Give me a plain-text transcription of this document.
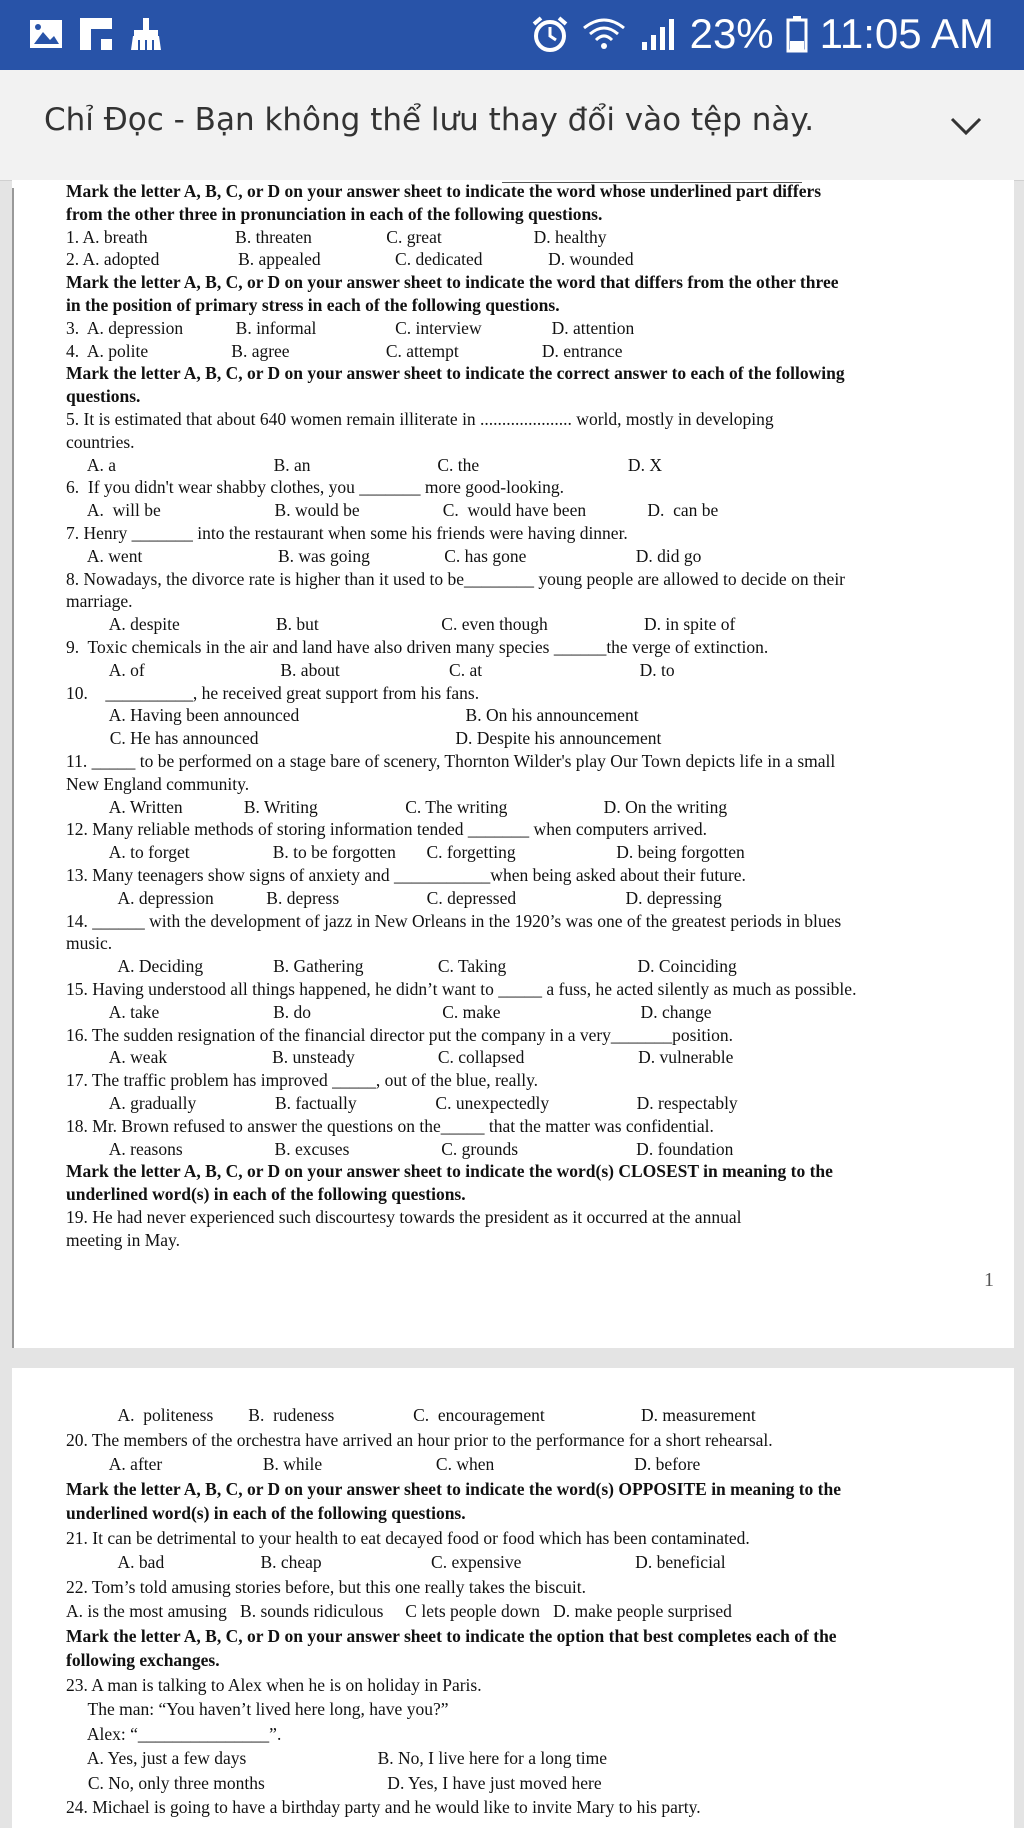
23% 11:05 AM
Chỉ Đọc - Bạn không thể lưu thay đổi vào tệp này.
Mark the letter A, B, C, or D on your answer sheet to indicate the word whose underlined part differs
from the other three in pronunciation in each of the following questions.
1. A. breath                    B. threaten                 C. great                     D. healthy
2. A. adopted                  B. appealed                 C. dedicated               D. wounded
Mark the letter A, B, C, or D on your answer sheet to indicate the word that differs from the other three
in the position of primary stress in each of the following questions.
3.  A. depression            B. informal                  C. interview                D. attention
4.  A. polite                   B. agree                      C. attempt                   D. entrance
Mark the letter A, B, C, or D on your answer sheet to indicate the correct answer to each of the following
questions.
5. It is estimated that about 640 women remain illiterate in ..................... world, mostly in developing
countries.
A. a                                    B. an                             C. the                                  D. X
6.  If you didn't wear shabby clothes, you _______ more good-looking.
A.  will be                          B. would be                   C.  would have been              D.  can be
7. Henry _______ into the restaurant when some his friends were having dinner.
A. went                               B. was going                 C. has gone                         D. did go
8. Nowadays, the divorce rate is higher than it used to be________ young people are allowed to decide on their
marriage.
A. despite                      B. but                            C. even though                      D. in spite of
9.  Toxic chemicals in the air and land have also driven many species ______the verge of extinction.
A. of                               B. about                         C. at                                    D. to
10.    __________, he received great support from his fans.
A. Having been announced                                      B. On his announcement
C. He has announced                                             D. Despite his announcement
11. _____ to be performed on a stage bare of scenery, Thornton Wilder's play Our Town depicts life in a small
New England community.
A. Written              B. Writing                    C. The writing                      D. On the writing
12. Many reliable methods of storing information tended _______ when computers arrived.
A. to forget                   B. to be forgotten       C. forgetting                       D. being forgotten
13. Many teenagers show signs of anxiety and ___________when being asked about their future.
A. depression            B. depress                    C. depressed                         D. depressing
14. ______ with the development of jazz in New Orleans in the 1920’s was one of the greatest periods in blues
music.
A. Deciding                B. Gathering                 C. Taking                              D. Coinciding
15. Having understood all things happened, he didn’t want to _____ a fuss, he acted silently as much as possible.
A. take                          B. do                              C. make                                D. change
16. The sudden resignation of the financial director put the company in a very_______position.
A. weak                        B. unsteady                   C. collapsed                          D. vulnerable
17. The traffic problem has improved _____, out of the blue, really.
A. gradually                  B. factually                  C. unexpectedly                    D. respectably
18. Mr. Brown refused to answer the questions on the_____ that the matter was confidential.
A. reasons                     B. excuses                     C. grounds                           D. foundation
Mark the letter A, B, C, or D on your answer sheet to indicate the word(s) CLOSEST in meaning to the
underlined word(s) in each of the following questions.
19. He had never experienced such discourtesy towards the president as it occurred at the annual
meeting in May.
1
A.  politeness        B.  rudeness                  C.  encouragement                      D. measurement
20. The members of the orchestra have arrived an hour prior to the performance for a short rehearsal.
A. after                       B. while                          C. when                                D. before
Mark the letter A, B, C, or D on your answer sheet to indicate the word(s) OPPOSITE in meaning to the
underlined word(s) in each of the following questions.
21. It can be detrimental to your health to eat decayed food or food which has been contaminated.
A. bad                      B. cheap                         C. expensive                          D. beneficial
22. Tom’s told amusing stories before, but this one really takes the biscuit.
A. is the most amusing   B. sounds ridiculous     C lets people down   D. make people surprised
Mark the letter A, B, C, or D on your answer sheet to indicate the option that best completes each of the
following exchanges.
23. A man is talking to Alex when he is on holiday in Paris.
The man: “You haven’t lived here long, have you?”
Alex: “_______________”.
A. Yes, just a few days                              B. No, I live here for a long time
C. No, only three months                            D. Yes, I have just moved here
24. Michael is going to have a birthday party and he would like to invite Mary to his party.
